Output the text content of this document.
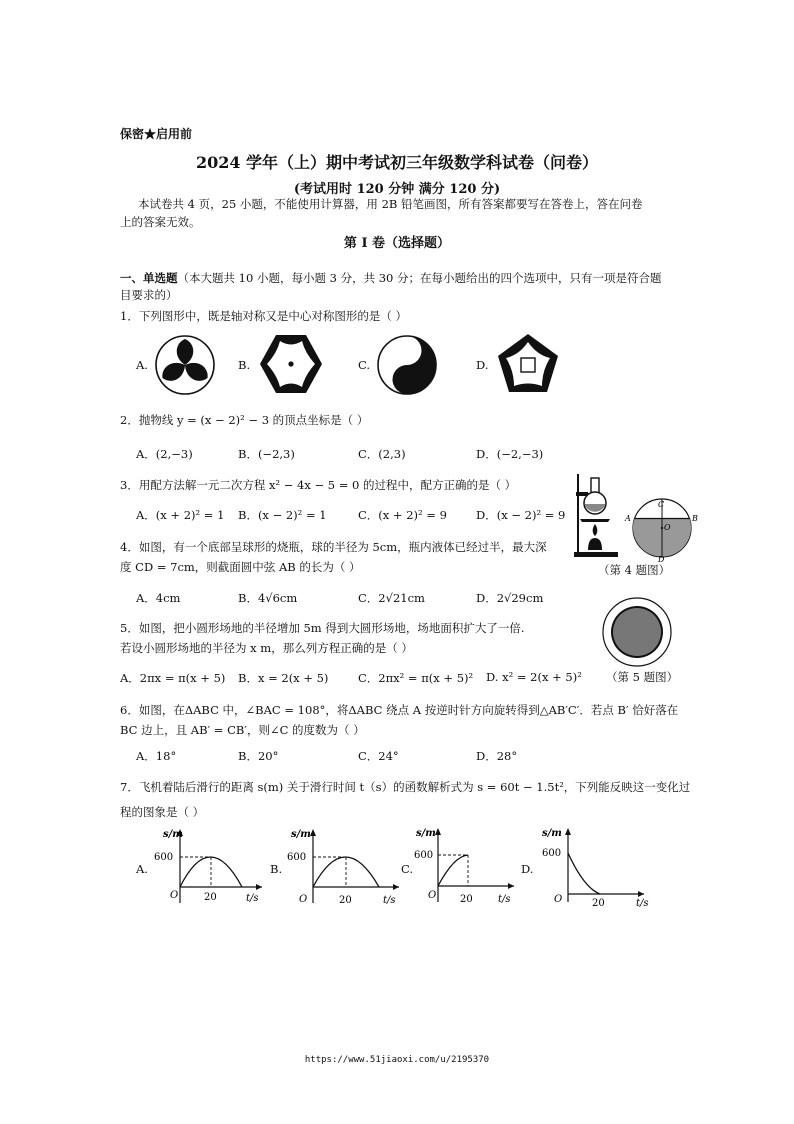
保密★启用前
2024 学年（上）期中考试初三年级数学科试卷（问卷）
(考试用时 120 分钟 满分 120 分)
本试卷共 4 页，25 小题，不能使用计算器，用 2B 铅笔画图，所有答案都要写在答卷上，答在问卷
上的答案无效。
第 I 卷（选择题）
一、单选题（本大题共 10 小题，每小题 3 分，共 30 分；在每小题给出的四个选项中，只有一项是符合题
目要求的）
1．下列图形中，既是轴对称又是中心对称图形的是（ ）
A.	B.	C.	D.
2．抛物线 y = (x − 2)² − 3 的顶点坐标是（ ）
A．(2,−3)	B．(−2,3)	C．(2,3)	D．(−2,−3)
3．用配方法解一元二次方程 x² − 4x − 5 = 0 的过程中，配方正确的是（ ）
A．(x + 2)² = 1 B．(x − 2)² = 1	C．(x + 2)² = 9	D．(x − 2)² = 9	A
C
B
O
D
（第 4 题图）
4．如图，有一个底部呈球形的烧瓶，球的半径为 5cm，瓶内液体已经过半，最大深
度 CD = 7cm，则截面圆中弦 AB 的长为（ ）
A．4cm	B．4√6cm	C．2√21cm	D．2√29cm
（第 5 题图）
5．如图，把小圆形场地的半径增加 5m 得到大圆形场地，场地面积扩大了一倍.
若设小圆形场地的半径为 x m，那么列方程正确的是（ ）
A．2πx = π(x + 5) B．x = 2(x + 5)	C．2πx² = π(x + 5)² D. x² = 2(x + 5)²
6．如图，在ΔABC 中，∠BAC = 108°，将ΔABC 绕点 A 按逆时针方向旋转得到△AB′C′．若点 B′ 恰好落在
BC 边上，且 AB′ = CB′，则∠C 的度数为（ ）
A．18°	B．20°	C．24°	D．28°
7．飞机着陆后滑行的距离 s(m) 关于滑行时间 t（s）的函数解析式为 s = 60t − 1.5t²，下列能反映这一变化过
程的图象是（ ）
A.
s/m
600
O	20	t/s
B.
s/m
600
O	20	t/s
C.
s/m
600
O 20	t/s
D.
s/m
600
O	20	t/s
https://www.51jiaoxi.com/u/2195370
